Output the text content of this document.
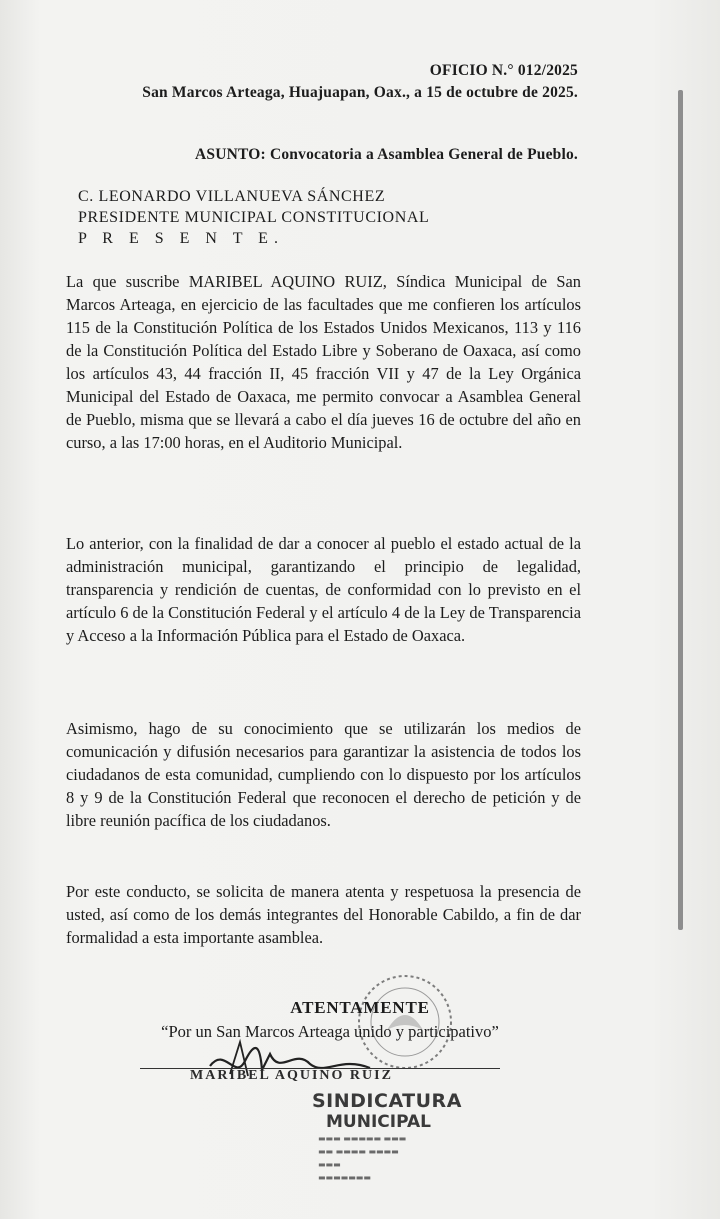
OFICIO N.° 012/2025
San Marcos Arteaga, Huajuapan, Oax., a 15 de octubre de 2025.
ASUNTO: Convocatoria a Asamblea General de Pueblo.
C. LEONARDO VILLANUEVA SÁNCHEZ
PRESIDENTE MUNICIPAL CONSTITUCIONAL
P R E S E N T E.
La que suscribe MARIBEL AQUINO RUIZ, Síndica Municipal de San Marcos Arteaga, en ejercicio de las facultades que me confieren los artículos 115 de la Constitución Política de los Estados Unidos Mexicanos, 113 y 116 de la Constitución Política del Estado Libre y Soberano de Oaxaca, así como los artículos 43, 44 fracción II, 45 fracción VII y 47 de la Ley Orgánica Municipal del Estado de Oaxaca, me permito convocar a Asamblea General de Pueblo, misma que se llevará a cabo el día jueves 16 de octubre del año en curso, a las 17:00 horas, en el Auditorio Municipal.
Lo anterior, con la finalidad de dar a conocer al pueblo el estado actual de la administración municipal, garantizando el principio de legalidad, transparencia y rendición de cuentas, de conformidad con lo previsto en el artículo 6 de la Constitución Federal y el artículo 4 de la Ley de Transparencia y Acceso a la Información Pública para el Estado de Oaxaca.
Asimismo, hago de su conocimiento que se utilizarán los medios de comunicación y difusión necesarios para garantizar la asistencia de todos los ciudadanos de esta comunidad, cumpliendo con lo dispuesto por los artículos 8 y 9 de la Constitución Federal que reconocen el derecho de petición y de libre reunión pacífica de los ciudadanos.
Por este conducto, se solicita de manera atenta y respetuosa la presencia de usted, así como de los demás integrantes del Honorable Cabildo, a fin de dar formalidad a esta importante asamblea.
ATENTAMENTE
“Por un San Marcos Arteaga unido y participativo”
MARIBEL AQUINO RUIZ
SINDICATURA
MUNICIPAL
▬▬▬ ▬▬▬▬▬ ▬▬▬
▬▬ ▬▬▬▬ ▬▬▬▬
▬▬▬
▬▬▬▬▬▬▬
